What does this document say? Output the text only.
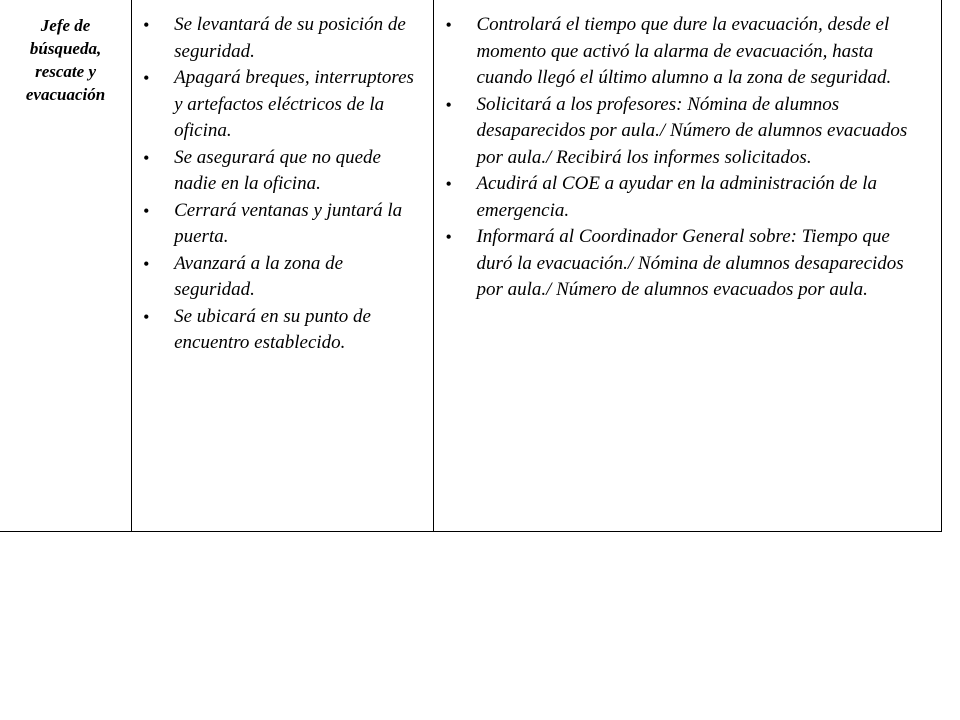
Jefe de
búsqueda,
rescate y
evacuación

• Se levantará de su posición de seguridad.
• Apagará breques, interruptores y artefactos eléctricos de la oficina.
• Se asegurará que no quede nadie en la oficina.
• Cerrará ventanas y juntará la puerta.
• Avanzará a la zona de seguridad.
• Se ubicará en su punto de encuentro establecido.

• Controlará el tiempo que dure la evacuación, desde el momento que activó la alarma de evacuación, hasta cuando llegó el último alumno a la zona de seguridad.
• Solicitará a los profesores: Nómina de alumnos desaparecidos por aula./ Número de alumnos evacuados por aula./ Recibirá los informes solicitados.
• Acudirá al COE a ayudar en la administración de la emergencia.
• Informará al Coordinador General sobre: Tiempo que duró la evacuación./ Nómina de alumnos desaparecidos por aula./ Número de alumnos evacuados por aula.
